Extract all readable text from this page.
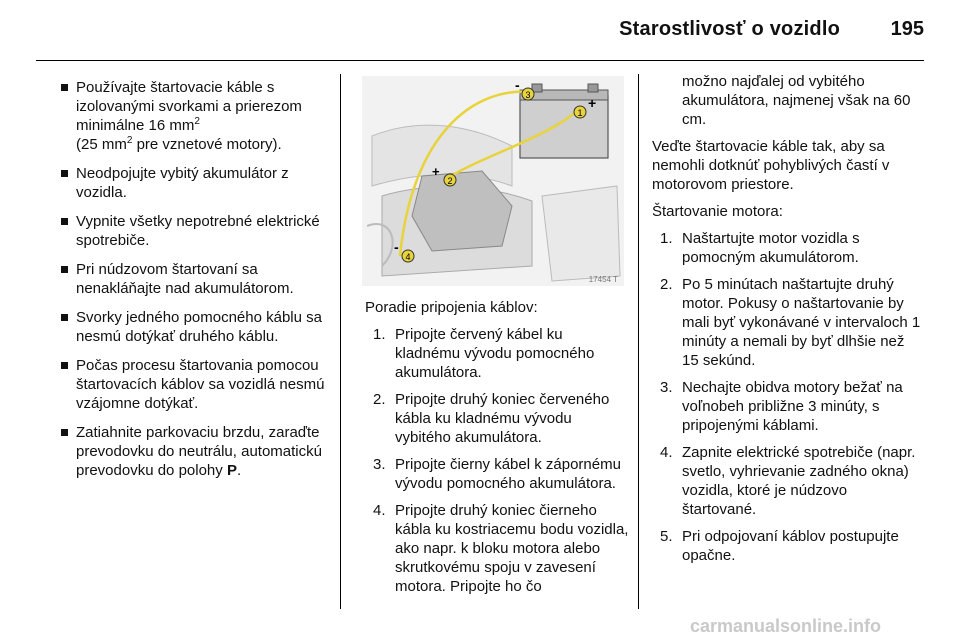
Starostlivosť o vozidlo	195
Používajte štartovacie káble s izolovanými svorkami a prierezom minimálne 16 $mm^2$
(25 $mm^2$ pre vznetové motory).
Neodpojujte vybitý akumulátor z vozidla.
Vypnite všetky nepotrebné elektrické spotrebiče.
Pri núdzovom štartovaní sa nenakláňajte nad akumulátorom.
Svorky jedného pomocného káblu sa nesmú dotýkať druhého káblu.
Počas procesu štartovania pomocou štartovacích káblov sa vozidlá nesmú vzájomne dotýkať.
Zatiahnite parkovaciu brzdu, zaraďte prevodovku do neutrálu, automatickú prevodovku do polohy P.
1
2
3
4
+
-
+
-
17454 T

Poradie pripojenia káblov:

1. Pripojte červený kábel ku kladnému vývodu pomocného akumulátora.
2. Pripojte druhý koniec červeného kábla ku kladnému vývodu vybitého akumulátora.
3. Pripojte čierny kábel k zápornému vývodu pomocného akumulátora.
4. Pripojte druhý koniec čierneho kábla ku kostriacemu bodu vozidla, ako napr. k bloku motora alebo skrutkovému spoju v zavesení motora. Pripojte ho čo
možno najďalej od vybitého akumulátora, najmenej však na 60 cm.

Veďte štartovacie káble tak, aby sa nemohli dotknúť pohyblivých častí v motorovom priestore.

Štartovanie motora:

1. Naštartujte motor vozidla s pomocným akumulátorom.
2. Po 5 minútach naštartujte druhý motor. Pokusy o naštartovanie by mali byť vykonávané v intervaloch 1 minúty a nemali by byť dlhšie než 15 sekúnd.
3. Nechajte obidva motory bežať na voľnobeh približne 3 minúty, s pripojenými káblami.
4. Zapnite elektrické spotrebiče (napr. svetlo, vyhrievanie zadného okna) vozidla, ktoré je núdzovo štartované.
5. Pri odpojovaní káblov postupujte opačne.
carmanualsonline.info
